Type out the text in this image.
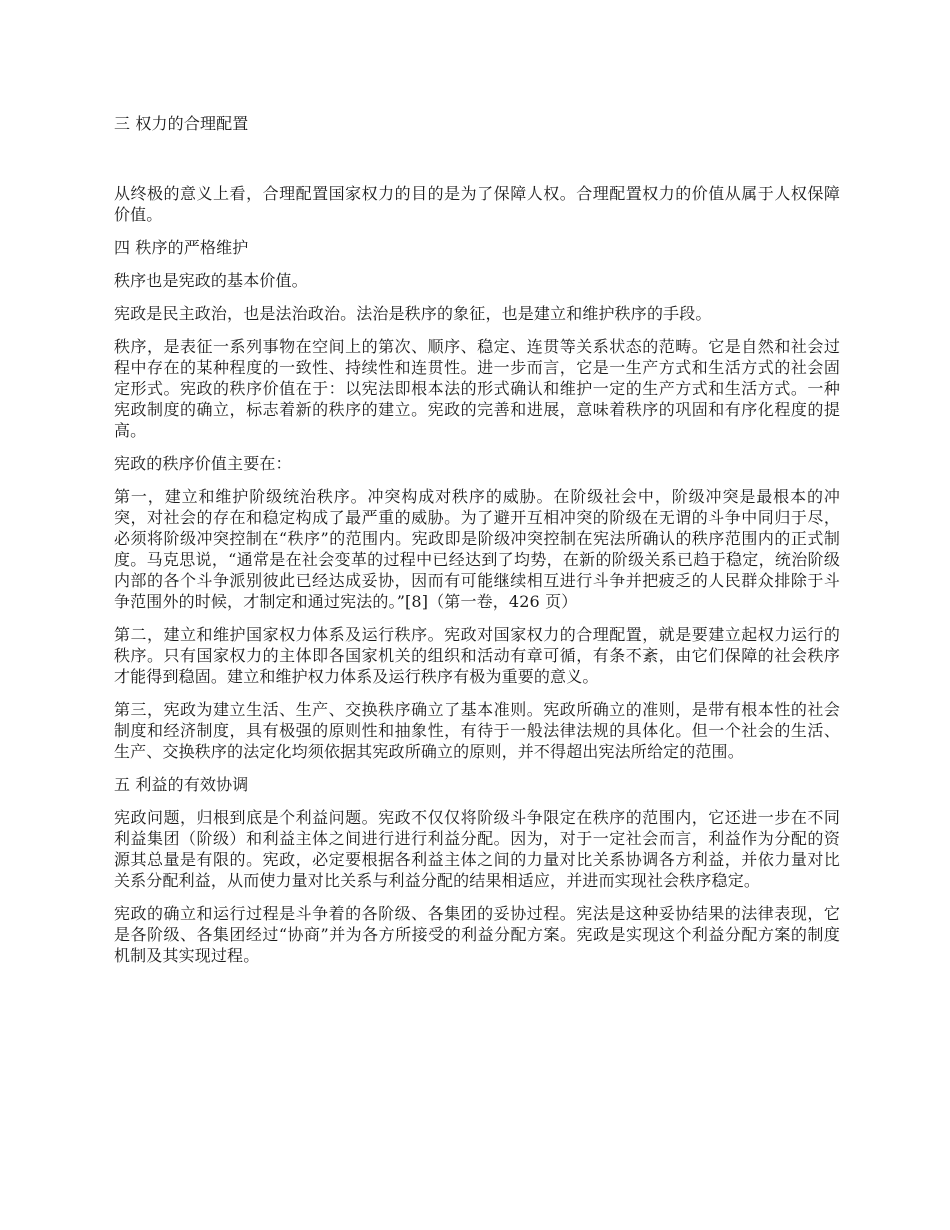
三 权力的合理配置

从终极的意义上看，合理配置国家权力的目的是为了保障人权。合理配置权力的价值从属于人权保障价值。

四 秩序的严格维护

秩序也是宪政的基本价值。

宪政是民主政治，也是法治政治。法治是秩序的象征，也是建立和维护秩序的手段。

秩序，是表征一系列事物在空间上的第次、顺序、稳定、连贯等关系状态的范畴。它是自然和社会过程中存在的某种程度的一致性、持续性和连贯性。进一步而言，它是一生产方式和生活方式的社会固定形式。宪政的秩序价值在于：以宪法即根本法的形式确认和维护一定的生产方式和生活方式。一种宪政制度的确立，标志着新的秩序的建立。宪政的完善和进展，意味着秩序的巩固和有序化程度的提高。

宪政的秩序价值主要在：

第一，建立和维护阶级统治秩序。冲突构成对秩序的威胁。在阶级社会中，阶级冲突是最根本的冲突，对社会的存在和稳定构成了最严重的威胁。为了避开互相冲突的阶级在无谓的斗争中同归于尽，必须将阶级冲突控制在“秩序”的范围内。宪政即是阶级冲突控制在宪法所确认的秩序范围内的正式制度。马克思说，“通常是在社会变革的过程中已经达到了均势，在新的阶级关系已趋于稳定，统治阶级内部的各个斗争派别彼此已经达成妥协，因而有可能继续相互进行斗争并把疲乏的人民群众排除于斗争范围外的时候，才制定和通过宪法的。”[8]（第一卷，426 页）

第二，建立和维护国家权力体系及运行秩序。宪政对国家权力的合理配置，就是要建立起权力运行的秩序。只有国家权力的主体即各国家机关的组织和活动有章可循，有条不紊，由它们保障的社会秩序才能得到稳固。建立和维护权力体系及运行秩序有极为重要的意义。

第三，宪政为建立生活、生产、交换秩序确立了基本准则。宪政所确立的准则，是带有根本性的社会制度和经济制度，具有极强的原则性和抽象性，有待于一般法律法规的具体化。但一个社会的生活、生产、交换秩序的法定化均须依据其宪政所确立的原则，并不得超出宪法所给定的范围。

五 利益的有效协调

宪政问题，归根到底是个利益问题。宪政不仅仅将阶级斗争限定在秩序的范围内，它还进一步在不同利益集团（阶级）和利益主体之间进行进行利益分配。因为，对于一定社会而言，利益作为分配的资源其总量是有限的。宪政，必定要根据各利益主体之间的力量对比关系协调各方利益，并依力量对比关系分配利益，从而使力量对比关系与利益分配的结果相适应，并进而实现社会秩序稳定。

宪政的确立和运行过程是斗争着的各阶级、各集团的妥协过程。宪法是这种妥协结果的法律表现，它是各阶级、各集团经过“协商”并为各方所接受的利益分配方案。宪政是实现这个利益分配方案的制度机制及其实现过程。
